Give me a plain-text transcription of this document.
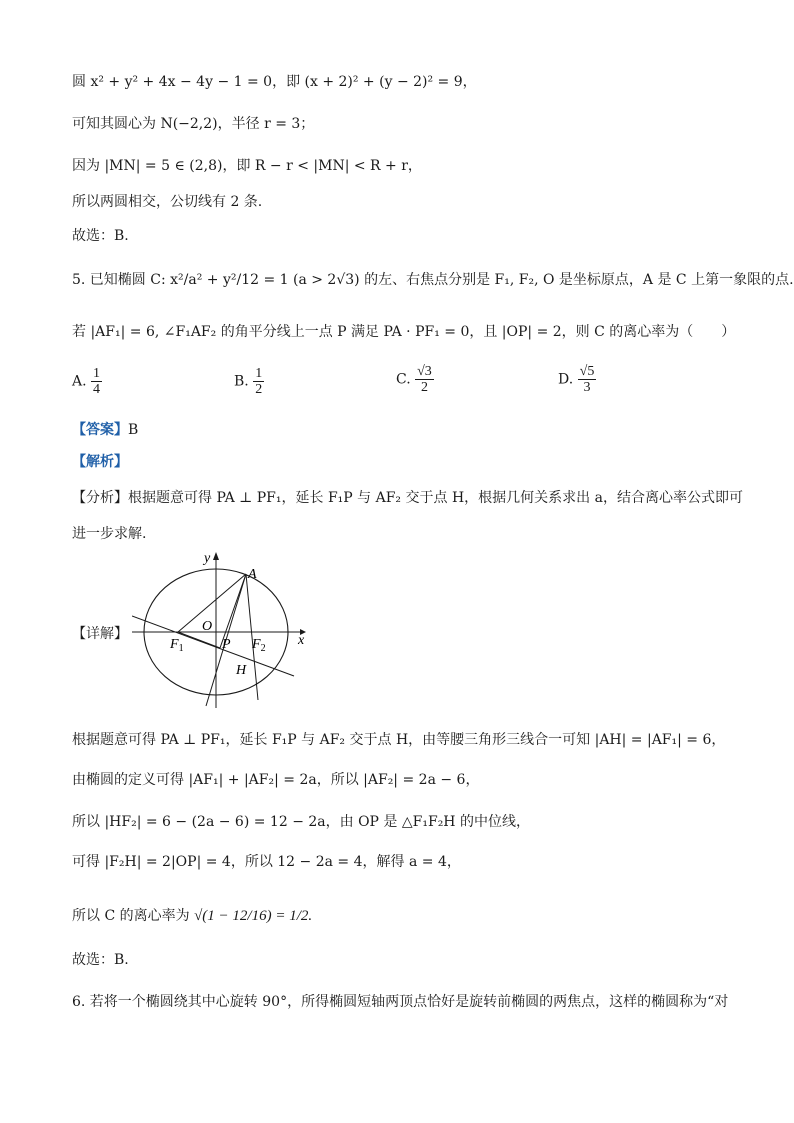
圆 x² + y² + 4x − 4y − 1 = 0，即 (x + 2)² + (y − 2)² = 9，
可知其圆心为 N(−2,2)，半径 r = 3；
因为 |MN| = 5 ∈ (2,8)，即 R − r < |MN| < R + r，
所以两圆相交，公切线有 2 条.
故选：B.
5. 已知椭圆 C: x²/a² + y²/12 = 1 (a > 2√3) 的左、右焦点分别是 F₁, F₂, O 是坐标原点，A 是 C 上第一象限的点.
若 |AF₁| = 6, ∠F₁AF₂ 的角平分线上一点 P 满足 PA · PF₁ = 0，且 |OP| = 2，则 C 的离心率为（　　）
A. $\frac{1}{4}$	B. $\frac{1}{2}$	C. $\frac{√3}{2}$	D. $\frac{√5}{3}$
【答案】B
【解析】
【分析】根据题意可得 PA ⊥ PF₁，延长 F₁P 与 AF₂ 交于点 H，根据几何关系求出 a，结合离心率公式即可
进一步求解.
【详解】
y
x
A
O
P
$F_1$	$F_2$
H
根据题意可得 PA ⊥ PF₁，延长 F₁P 与 AF₂ 交于点 H，由等腰三角形三线合一可知 |AH| = |AF₁| = 6，
由椭圆的定义可得 |AF₁| + |AF₂| = 2a，所以 |AF₂| = 2a − 6，
所以 |HF₂| = 6 − (2a − 6) = 12 − 2a，由 OP 是 △F₁F₂H 的中位线，
可得 |F₂H| = 2|OP| = 4，所以 12 − 2a = 4，解得 a = 4，
所以 C 的离心率为 √(1 − 12/16) = 1/2.
故选：B.
6. 若将一个椭圆绕其中心旋转 90°，所得椭圆短轴两顶点恰好是旋转前椭圆的两焦点，这样的椭圆称为“对
